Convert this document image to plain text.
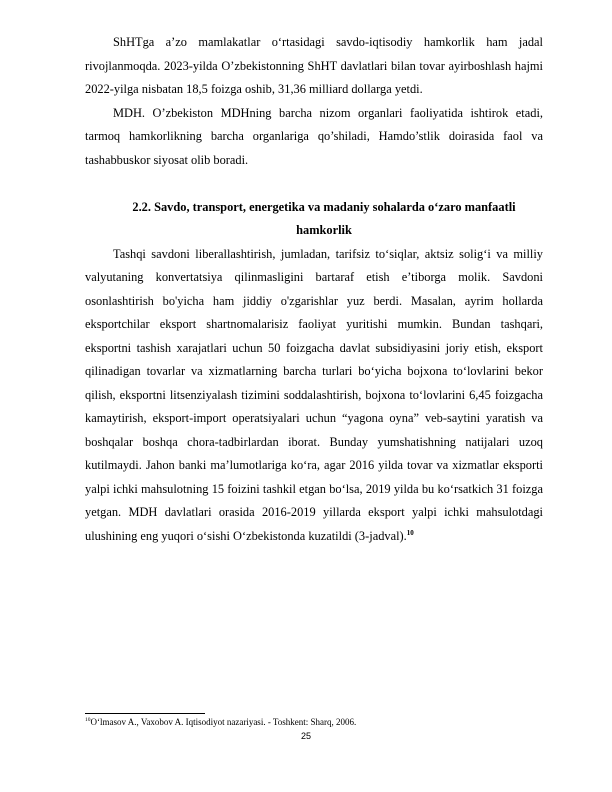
ShHTga a’zo mamlakatlar o‘rtasidagi savdo-iqtisodiy hamkorlik ham jadal rivojlanmoqda. 2023-yilda O’zbekistonning ShHT davlatlari bilan tovar ayirboshlash hajmi 2022-yilga nisbatan 18,5 foizga oshib, 31,36 milliard dollarga yetdi.

MDH. O’zbekiston MDHning barcha nizom organlari faoliyatida ishtirok etadi, tarmoq hamkorlikning barcha organlariga qo’shiladi, Hamdo’stlik doirasida faol va tashabbuskor siyosat olib boradi.

2.2. Savdo, transport, energetika va madaniy sohalarda o‘zaro manfaatli
hamkorlik

Tashqi savdoni liberallashtirish, jumladan, tarifsiz to‘siqlar, aktsiz solig‘i va milliy valyutaning konvertatsiya qilinmasligini bartaraf etish e’tiborga molik. Savdoni osonlashtirish bo'yicha ham jiddiy o'zgarishlar yuz berdi. Masalan, ayrim hollarda eksportchilar eksport shartnomalarisiz faoliyat yuritishi mumkin. Bundan tashqari, eksportni tashish xarajatlari uchun 50 foizgacha davlat subsidiyasini joriy etish, eksport qilinadigan tovarlar va xizmatlarning barcha turlari bo‘yicha bojxona to‘lovlarini bekor qilish, eksportni litsenziyalash tizimini soddalashtirish, bojxona to‘lovlarini 6,45 foizgacha kamaytirish, eksport-import operatsiyalari uchun “yagona oyna” veb-saytini yaratish va boshqalar boshqa chora-tadbirlardan iborat. Bunday yumshatishning natijalari uzoq kutilmaydi. Jahon banki ma’lumotlariga ko‘ra, agar 2016 yilda tovar va xizmatlar eksporti yalpi ichki mahsulotning 15 foizini tashkil etgan bo‘lsa, 2019 yilda bu ko‘rsatkich 31 foizga yetgan. MDH davlatlari orasida 2016-2019 yillarda eksport yalpi ichki mahsulotdagi ulushining eng yuqori o‘sishi O‘zbekistonda kuzatildi (3-jadval).$^{10}$

$^{10}$O‘lmasov A., Vaxobov A. Iqtisodiyot nazariyasi. - Toshkent: Sharq, 2006.
25
